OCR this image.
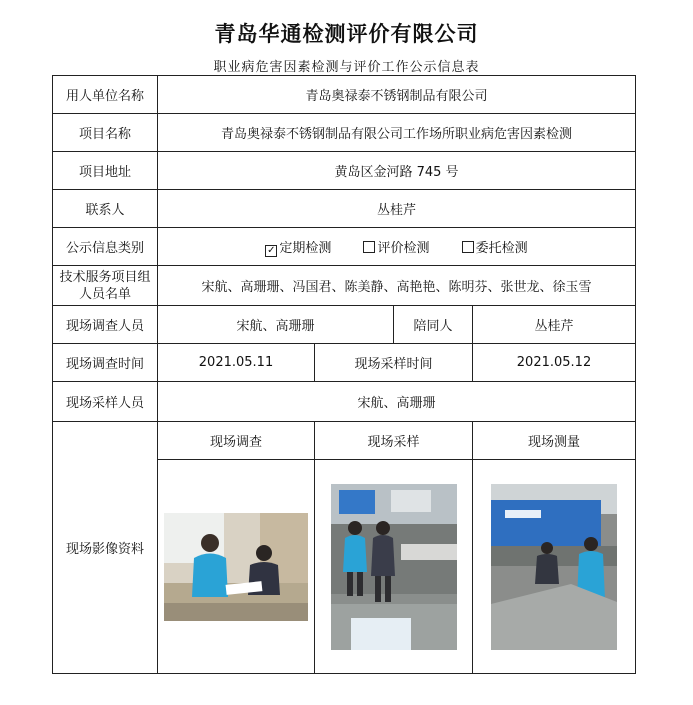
青岛华通检测评价有限公司
职业病危害因素检测与评价工作公示信息表
用人单位名称	青岛奥禄泰不锈钢制品有限公司			
项目名称	青岛奥禄泰不锈钢制品有限公司工作场所职业病危害因素检测			
项目地址	黄岛区金河路 745 号			
联系人	丛桂芹			
公示信息类别	✓ 定期检测 评价检测 委托检测			
技术服务项目组人员名单	宋航、高珊珊、冯国君、陈美静、高艳艳、陈明芬、张世龙、徐玉雪			
现场调查人员	宋航、高珊珊		陪同人	丛桂芹
现场调查时间	2021.05.11	现场采样时间		2021.05.12
现场采样人员	宋航、高珊珊			
现场影像资料	现场调查	现场采样		现场测量
